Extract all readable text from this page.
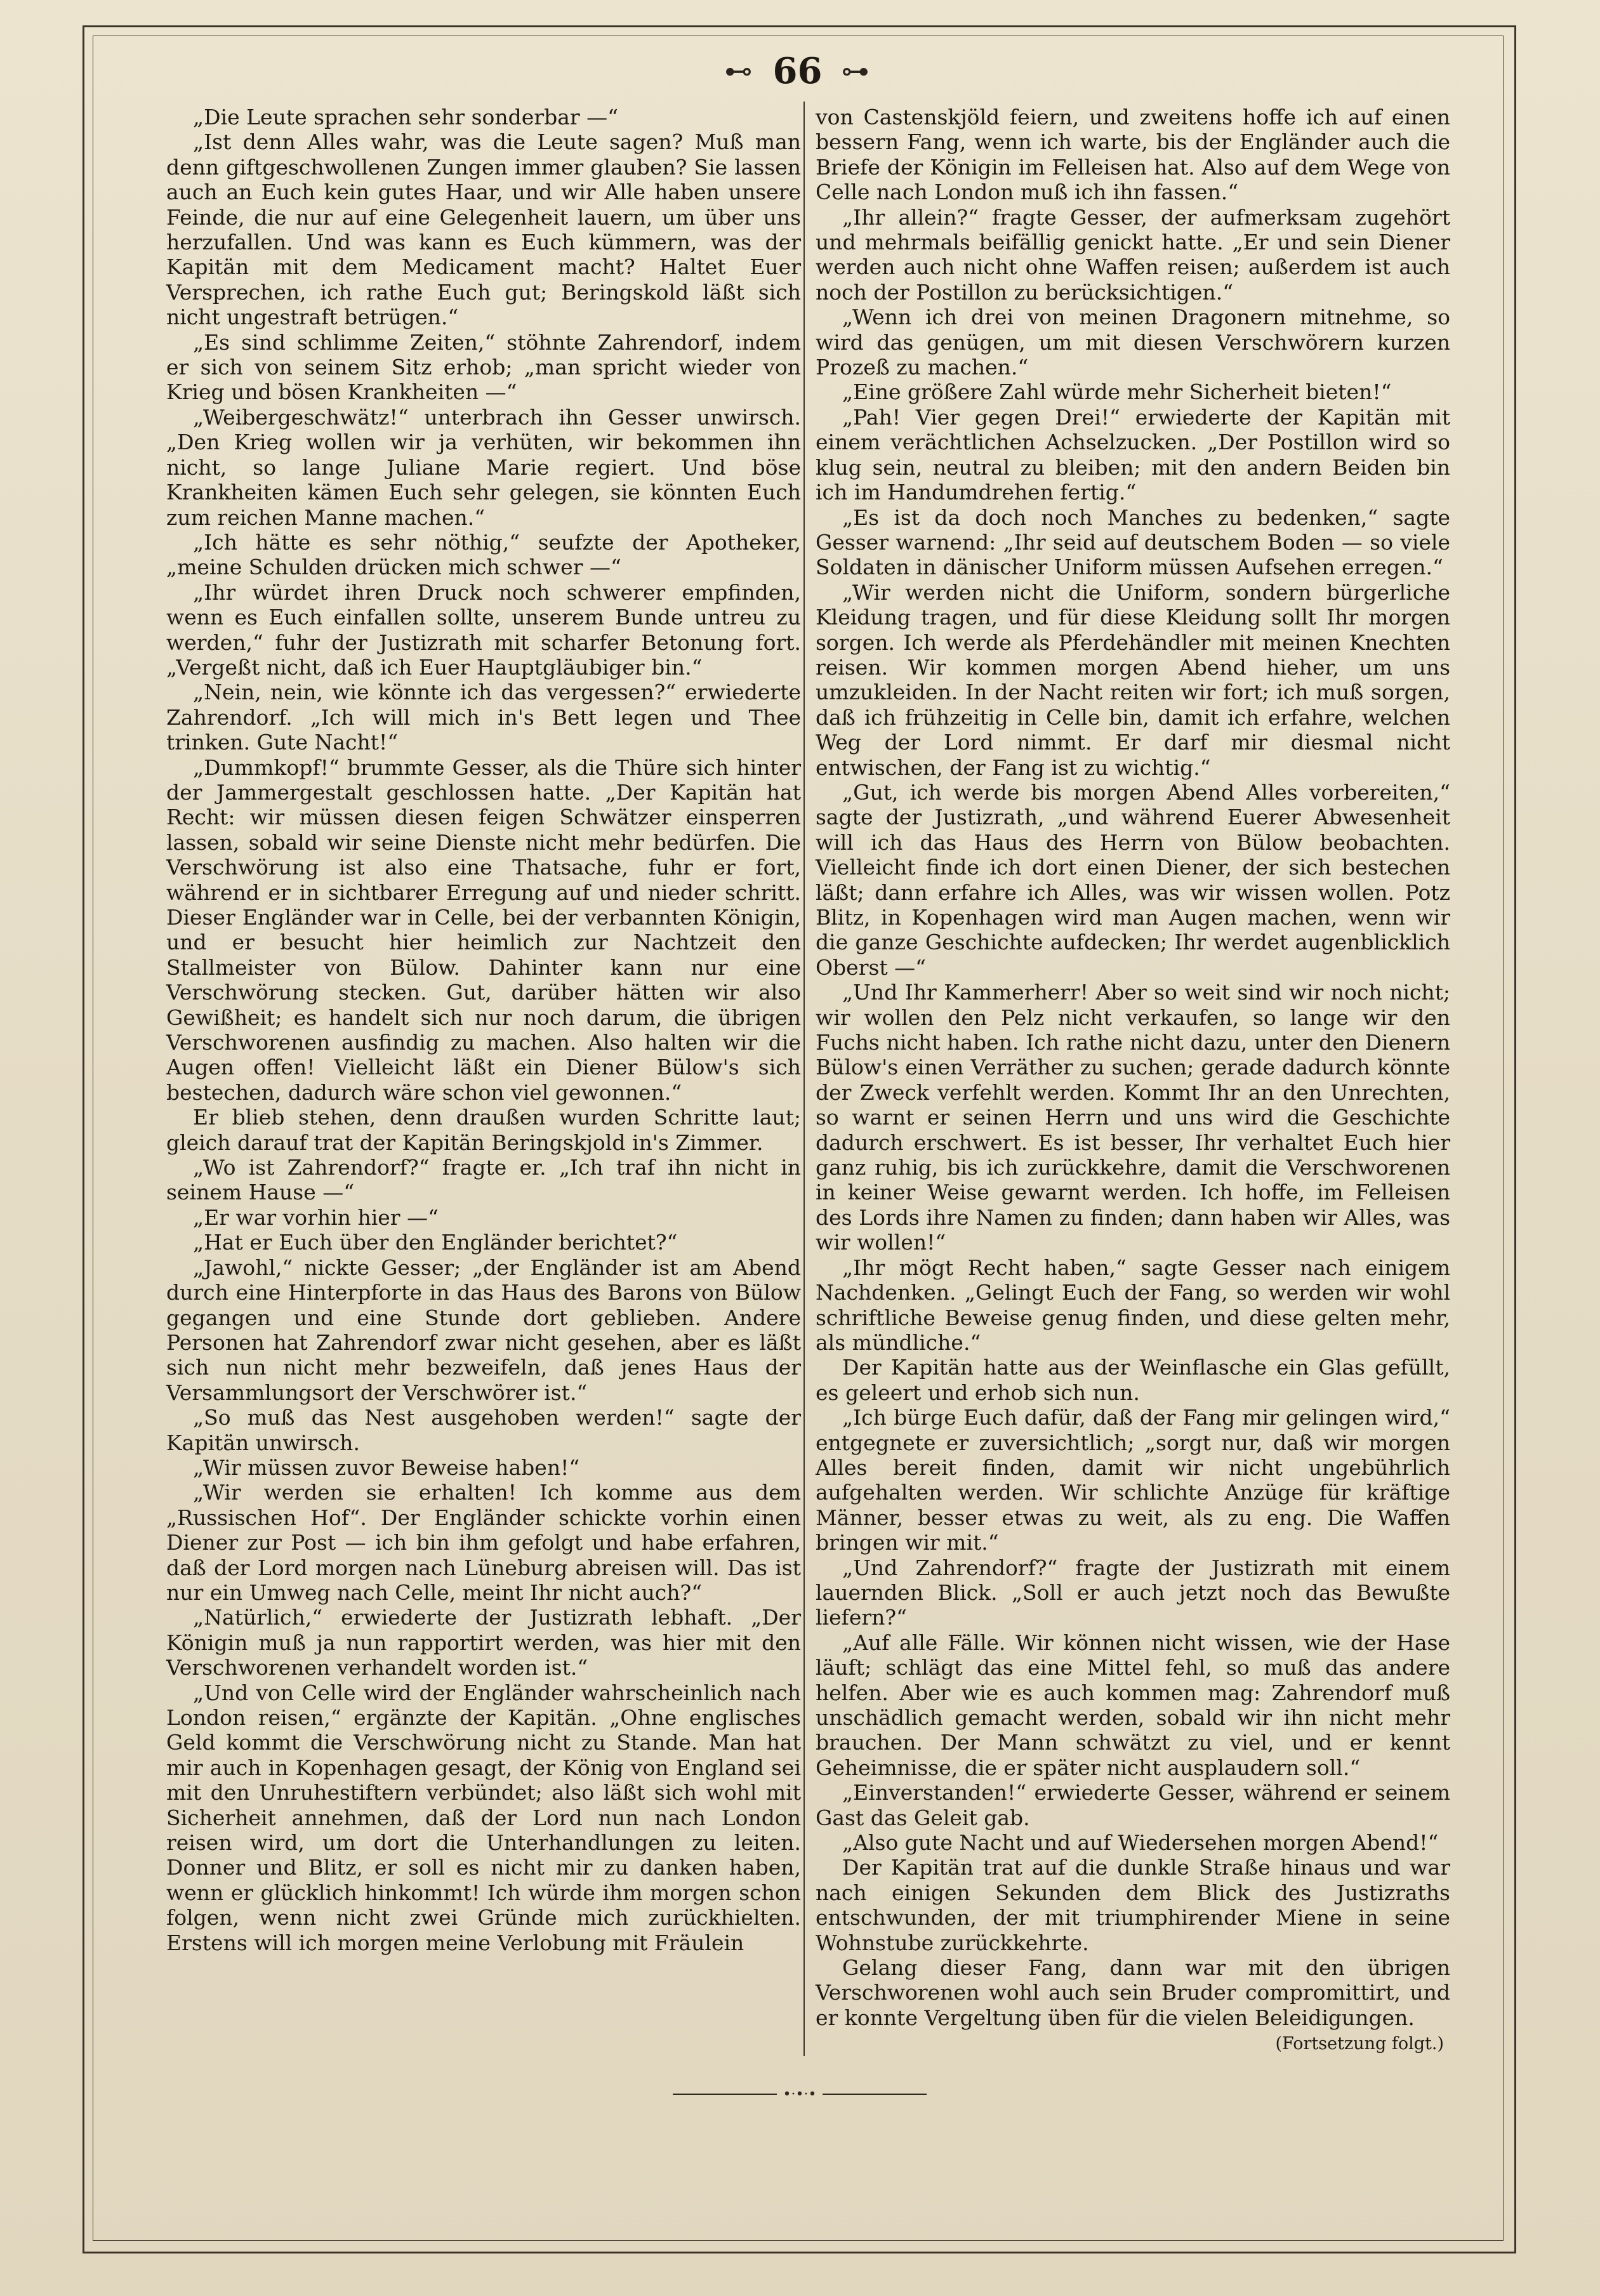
⊷ 66 ⊶

„Die Leute sprachen sehr sonderbar —“

„Ist denn Alles wahr, was die Leute sagen? Muß man denn giftgeschwollenen Zungen immer glauben? Sie lassen auch an Euch kein gutes Haar, und wir Alle haben unsere Feinde, die nur auf eine Gelegenheit lauern, um über uns herzufallen. Und was kann es Euch kümmern, was der Kapitän mit dem Medicament macht? Haltet Euer Versprechen, ich rathe Euch gut; Beringskold läßt sich nicht ungestraft betrügen.“

„Es sind schlimme Zeiten,“ stöhnte Zahrendorf, indem er sich von seinem Sitz erhob; „man spricht wieder von Krieg und bösen Krankheiten —“

„Weibergeschwätz!“ unterbrach ihn Gesser unwirsch. „Den Krieg wollen wir ja verhüten, wir bekommen ihn nicht, so lange Juliane Marie regiert. Und böse Krankheiten kämen Euch sehr gelegen, sie könnten Euch zum reichen Manne machen.“

„Ich hätte es sehr nöthig,“ seufzte der Apotheker, „meine Schulden drücken mich schwer —“

„Ihr würdet ihren Druck noch schwerer empfinden, wenn es Euch einfallen sollte, unserem Bunde untreu zu werden,“ fuhr der Justizrath mit scharfer Betonung fort. „Vergeßt nicht, daß ich Euer Hauptgläubiger bin.“

„Nein, nein, wie könnte ich das vergessen?“ erwiederte Zahrendorf. „Ich will mich in's Bett legen und Thee trinken. Gute Nacht!“

„Dummkopf!“ brummte Gesser, als die Thüre sich hinter der Jammergestalt geschlossen hatte. „Der Kapitän hat Recht: wir müssen diesen feigen Schwätzer einsperren lassen, sobald wir seine Dienste nicht mehr bedürfen. Die Verschwörung ist also eine Thatsache, fuhr er fort, während er in sichtbarer Erregung auf und nieder schritt. Dieser Engländer war in Celle, bei der verbannten Königin, und er besucht hier heimlich zur Nachtzeit den Stallmeister von Bülow. Dahinter kann nur eine Verschwörung stecken. Gut, darüber hätten wir also Gewißheit; es handelt sich nur noch darum, die übrigen Verschworenen ausfindig zu machen. Also halten wir die Augen offen! Vielleicht läßt ein Diener Bülow's sich bestechen, dadurch wäre schon viel gewonnen.“

Er blieb stehen, denn draußen wurden Schritte laut; gleich darauf trat der Kapitän Beringskjold in's Zimmer.

„Wo ist Zahrendorf?“ fragte er. „Ich traf ihn nicht in seinem Hause —“

„Er war vorhin hier —“

„Hat er Euch über den Engländer berichtet?“

„Jawohl,“ nickte Gesser; „der Engländer ist am Abend durch eine Hinterpforte in das Haus des Barons von Bülow gegangen und eine Stunde dort geblieben. Andere Personen hat Zahrendorf zwar nicht gesehen, aber es läßt sich nun nicht mehr bezweifeln, daß jenes Haus der Versammlungsort der Verschwörer ist.“

„So muß das Nest ausgehoben werden!“ sagte der Kapitän unwirsch.

„Wir müssen zuvor Beweise haben!“

„Wir werden sie erhalten! Ich komme aus dem „Russischen Hof“. Der Engländer schickte vorhin einen Diener zur Post — ich bin ihm gefolgt und habe erfahren, daß der Lord morgen nach Lüneburg abreisen will. Das ist nur ein Umweg nach Celle, meint Ihr nicht auch?“

„Natürlich,“ erwiederte der Justizrath lebhaft. „Der Königin muß ja nun rapportirt werden, was hier mit den Verschworenen verhandelt worden ist.“

„Und von Celle wird der Engländer wahrscheinlich nach London reisen,“ ergänzte der Kapitän. „Ohne englisches Geld kommt die Verschwörung nicht zu Stande. Man hat mir auch in Kopenhagen gesagt, der König von England sei mit den Unruhestiftern verbündet; also läßt sich wohl mit Sicherheit annehmen, daß der Lord nun nach London reisen wird, um dort die Unterhandlungen zu leiten. Donner und Blitz, er soll es nicht mir zu danken haben, wenn er glücklich hinkommt! Ich würde ihm morgen schon folgen, wenn nicht zwei Gründe mich zurückhielten. Erstens will ich morgen meine Verlobung mit Fräulein

von Castenskjöld feiern, und zweitens hoffe ich auf einen bessern Fang, wenn ich warte, bis der Engländer auch die Briefe der Königin im Felleisen hat. Also auf dem Wege von Celle nach London muß ich ihn fassen.“

„Ihr allein?“ fragte Gesser, der aufmerksam zugehört und mehrmals beifällig genickt hatte. „Er und sein Diener werden auch nicht ohne Waffen reisen; außerdem ist auch noch der Postillon zu berücksichtigen.“

„Wenn ich drei von meinen Dragonern mitnehme, so wird das genügen, um mit diesen Verschwörern kurzen Prozeß zu machen.“

„Eine größere Zahl würde mehr Sicherheit bieten!“

„Pah! Vier gegen Drei!“ erwiederte der Kapitän mit einem verächtlichen Achselzucken. „Der Postillon wird so klug sein, neutral zu bleiben; mit den andern Beiden bin ich im Handumdrehen fertig.“

„Es ist da doch noch Manches zu bedenken,“ sagte Gesser warnend: „Ihr seid auf deutschem Boden — so viele Soldaten in dänischer Uniform müssen Aufsehen erregen.“

„Wir werden nicht die Uniform, sondern bürgerliche Kleidung tragen, und für diese Kleidung sollt Ihr morgen sorgen. Ich werde als Pferdehändler mit meinen Knechten reisen. Wir kommen morgen Abend hieher, um uns umzukleiden. In der Nacht reiten wir fort; ich muß sorgen, daß ich frühzeitig in Celle bin, damit ich erfahre, welchen Weg der Lord nimmt. Er darf mir diesmal nicht entwischen, der Fang ist zu wichtig.“

„Gut, ich werde bis morgen Abend Alles vorbereiten,“ sagte der Justizrath, „und während Euerer Abwesenheit will ich das Haus des Herrn von Bülow beobachten. Vielleicht finde ich dort einen Diener, der sich bestechen läßt; dann erfahre ich Alles, was wir wissen wollen. Potz Blitz, in Kopenhagen wird man Augen machen, wenn wir die ganze Geschichte aufdecken; Ihr werdet augenblicklich Oberst —“

„Und Ihr Kammerherr! Aber so weit sind wir noch nicht; wir wollen den Pelz nicht verkaufen, so lange wir den Fuchs nicht haben. Ich rathe nicht dazu, unter den Dienern Bülow's einen Verräther zu suchen; gerade dadurch könnte der Zweck verfehlt werden. Kommt Ihr an den Unrechten, so warnt er seinen Herrn und uns wird die Geschichte dadurch erschwert. Es ist besser, Ihr verhaltet Euch hier ganz ruhig, bis ich zurückkehre, damit die Verschworenen in keiner Weise gewarnt werden. Ich hoffe, im Felleisen des Lords ihre Namen zu finden; dann haben wir Alles, was wir wollen!“

„Ihr mögt Recht haben,“ sagte Gesser nach einigem Nachdenken. „Gelingt Euch der Fang, so werden wir wohl schriftliche Beweise genug finden, und diese gelten mehr, als mündliche.“

Der Kapitän hatte aus der Weinflasche ein Glas gefüllt, es geleert und erhob sich nun.

„Ich bürge Euch dafür, daß der Fang mir gelingen wird,“ entgegnete er zuversichtlich; „sorgt nur, daß wir morgen Alles bereit finden, damit wir nicht ungebührlich aufgehalten werden. Wir schlichte Anzüge für kräftige Männer, besser etwas zu weit, als zu eng. Die Waffen bringen wir mit.“

„Und Zahrendorf?“ fragte der Justizrath mit einem lauernden Blick. „Soll er auch jetzt noch das Bewußte liefern?“

„Auf alle Fälle. Wir können nicht wissen, wie der Hase läuft; schlägt das eine Mittel fehl, so muß das andere helfen. Aber wie es auch kommen mag: Zahrendorf muß unschädlich gemacht werden, sobald wir ihn nicht mehr brauchen. Der Mann schwätzt zu viel, und er kennt Geheimnisse, die er später nicht ausplaudern soll.“

„Einverstanden!“ erwiederte Gesser, während er seinem Gast das Geleit gab.

„Also gute Nacht und auf Wiedersehen morgen Abend!“

Der Kapitän trat auf die dunkle Straße hinaus und war nach einigen Sekunden dem Blick des Justizraths entschwunden, der mit triumphirender Miene in seine Wohnstube zurückkehrte.

Gelang dieser Fang, dann war mit den übrigen Verschworenen wohl auch sein Bruder compromittirt, und er konnte Vergeltung üben für die vielen Beleidigungen.

(Fortsetzung folgt.)
•·•·•
